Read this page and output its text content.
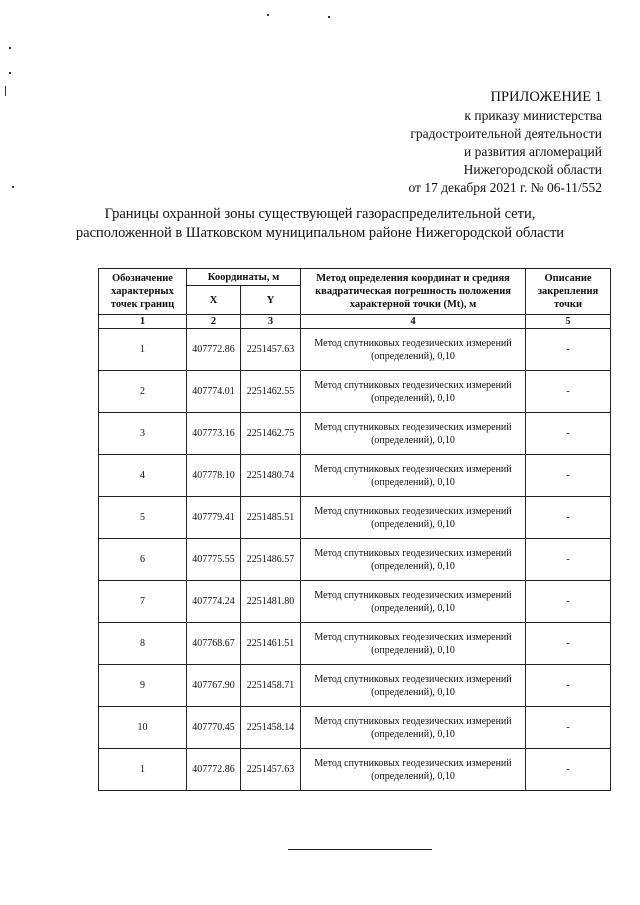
ПРИЛОЖЕНИЕ 1
к приказу министерства
градостроительной деятельности
и развития агломераций
Нижегородской области
от 17 декабря 2021 г. № 06-11/552
Границы охранной зоны существующей газораспределительной сети,
расположенной в Шатковском муниципальном районе Нижегородской области
Обозначение характерных точек границ	Координаты, м		Метод определения координат и средняя квадратическая погрешность положения характерной точки (Mt), м	Описание закрепления точки
	X	Y		
1	2	3	4	5
1	407772.86	2251457.63	Метод спутниковых геодезических измерений (определений), 0,10	-
2	407774.01	2251462.55	Метод спутниковых геодезических измерений (определений), 0,10	-
3	407773.16	2251462.75	Метод спутниковых геодезических измерений (определений), 0,10	-
4	407778.10	2251480.74	Метод спутниковых геодезических измерений (определений), 0,10	-
5	407779.41	2251485.51	Метод спутниковых геодезических измерений (определений), 0,10	-
6	407775.55	2251486.57	Метод спутниковых геодезических измерений (определений), 0,10	-
7	407774.24	2251481.80	Метод спутниковых геодезических измерений (определений), 0,10	-
8	407768.67	2251461.51	Метод спутниковых геодезических измерений (определений), 0,10	-
9	407767.90	2251458.71	Метод спутниковых геодезических измерений (определений), 0,10	-
10	407770.45	2251458.14	Метод спутниковых геодезических измерений (определений), 0,10	-
1	407772.86	2251457.63	Метод спутниковых геодезических измерений (определений), 0,10	-
